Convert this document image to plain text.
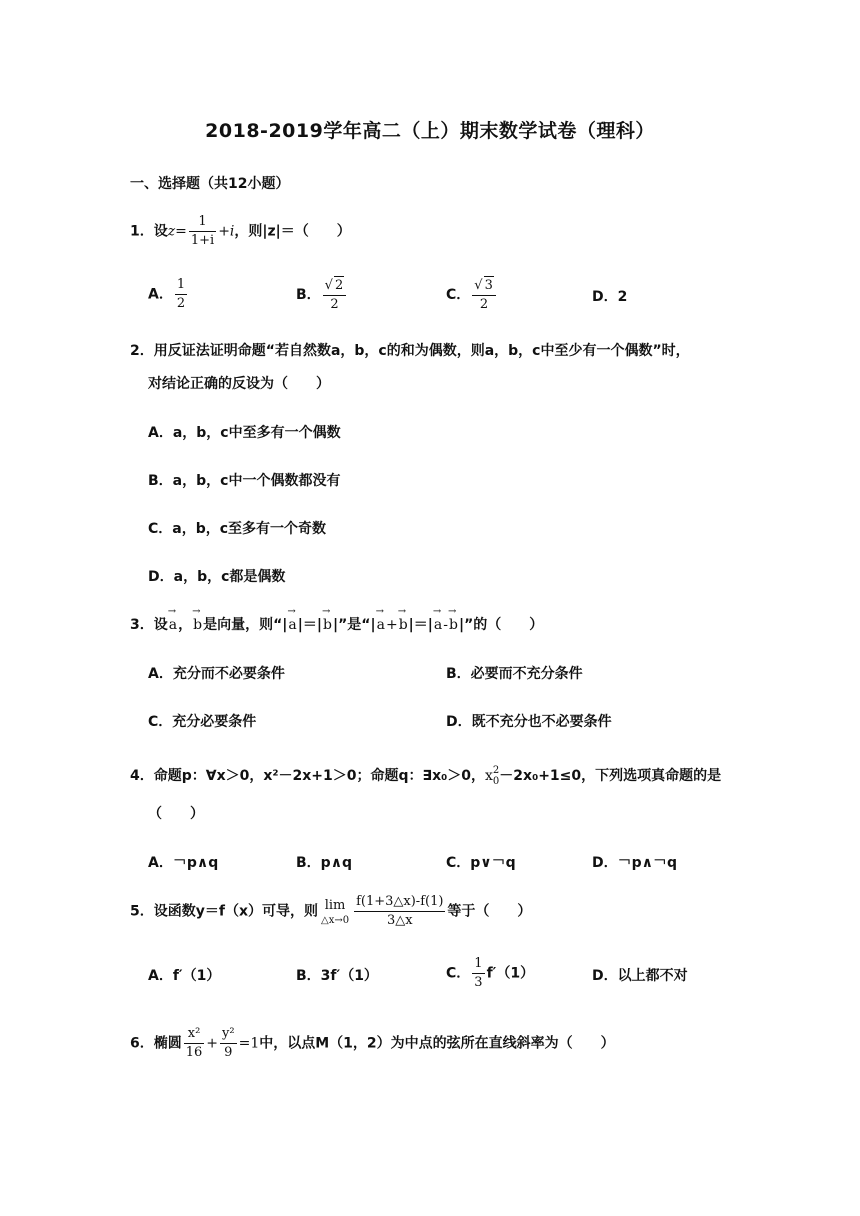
2018-2019学年高二（上）期末数学试卷（理科）
一、选择题（共12小题）
1．设$z= \frac{1}{1+i} +i$，则|z|＝（　　）
A． $\frac{1}{2}$	B． $\frac{√ 2}{2}$	C． $\frac{√ 3}{2}$	D．2
2．用反证法证明命题“若自然数a，b，c的和为偶数，则a，b，c中至少有一个偶数”时，
对结论正确的反设为（　　）
A．a，b，c中至多有一个偶数
B．a，b，c中一个偶数都没有
C．a，b，c至多有一个奇数
D．a，b，c都是偶数
3．设→ a，→ b是向量，则“|→ a|＝|→ b|”是“|→ a+→ b|＝|→ a-→ b|”的（　　）
A．充分而不必要条件	B．必要而不充分条件
C．充分必要条件	D．既不充分也不必要条件
4．命题p：∀x＞0，x²－2x+1＞0；命题q：∃x₀＞0，x 2
0 －2x₀+1≤0，下列选项真命题的是
（　　）
A．￢p∧q	B．p∧q	C．p∨￢q	D．￢p∧￢q
5．设函数y＝f（x）可导，则 lim
△x→0 $\frac{f(1+3\triangle x)-f(1)}{3\triangle x}$ 等于（　　）
A．f′（1）	B．3f′（1）	C． $\frac{1}{3} f'(1)$	D．以上都不对
6．椭圆 $\frac{\text{x²}}{16} + \frac{\text{y²}}{9} =1$中，以点M（1，2）为中点的弦所在直线斜率为（　　）
